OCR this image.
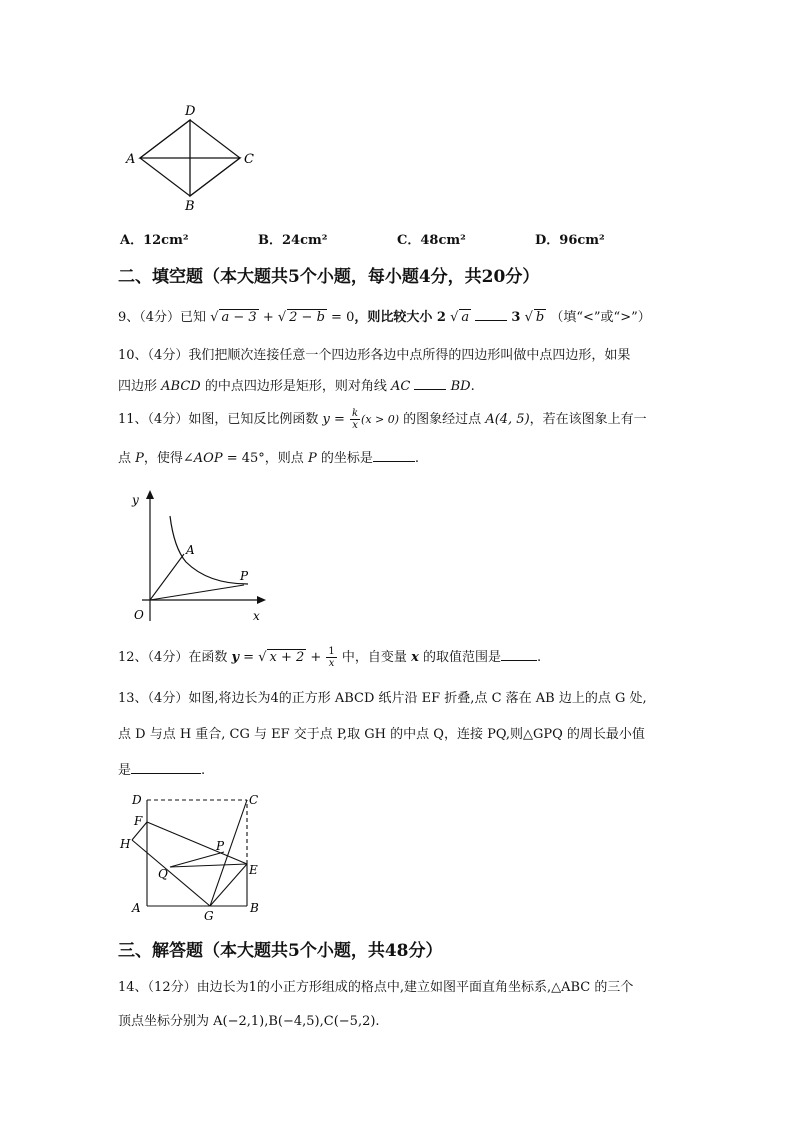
D
A	C
B
A．12cm²	B．24cm²	C．48cm²	D．96cm²
二、填空题（本大题共5个小题，每小题4分，共20分）
9、（4分）已知 √ a − 3 + √ 2 − b = 0，则比较大小 2 √ a	3 √ b （填“<”或“>”）
10、（4分）我们把顺次连接任意一个四边形各边中点所得的四边形叫做中点四边形，如果
四边形 ABCD 的中点四边形是矩形，则对角线 AC	BD.
11、（4分）如图，已知反比例函数 $y = \frac{k}{x} (x > 0)$ 的图象经过点 A(4, 5)，若在该图象上有一
点 P，使得∠AOP = 45°，则点 P 的坐标是	.
y
x
O
A
P
12、（4分）在函数 y = √ $x + 2 + \frac{1}{x}$ 中，自变量 x 的取值范围是	.
13、（4分）如图,将边长为4的正方形 ABCD 纸片沿 EF 折叠,点 C 落在 AB 边上的点 G 处,
点 D 与点 H 重合, CG 与 EF 交于点 P,取 GH 的中点 Q，连接 PQ,则△GPQ 的周长最小值
是	.
D	C
F
H	P
Q	E
A
G
B
三、解答题（本大题共5个小题，共48分）
14、（12分）由边长为1的小正方形组成的格点中,建立如图平面直角坐标系,△ABC 的三个
顶点坐标分别为 A(−2,1),B(−4,5),C(−5,2).
